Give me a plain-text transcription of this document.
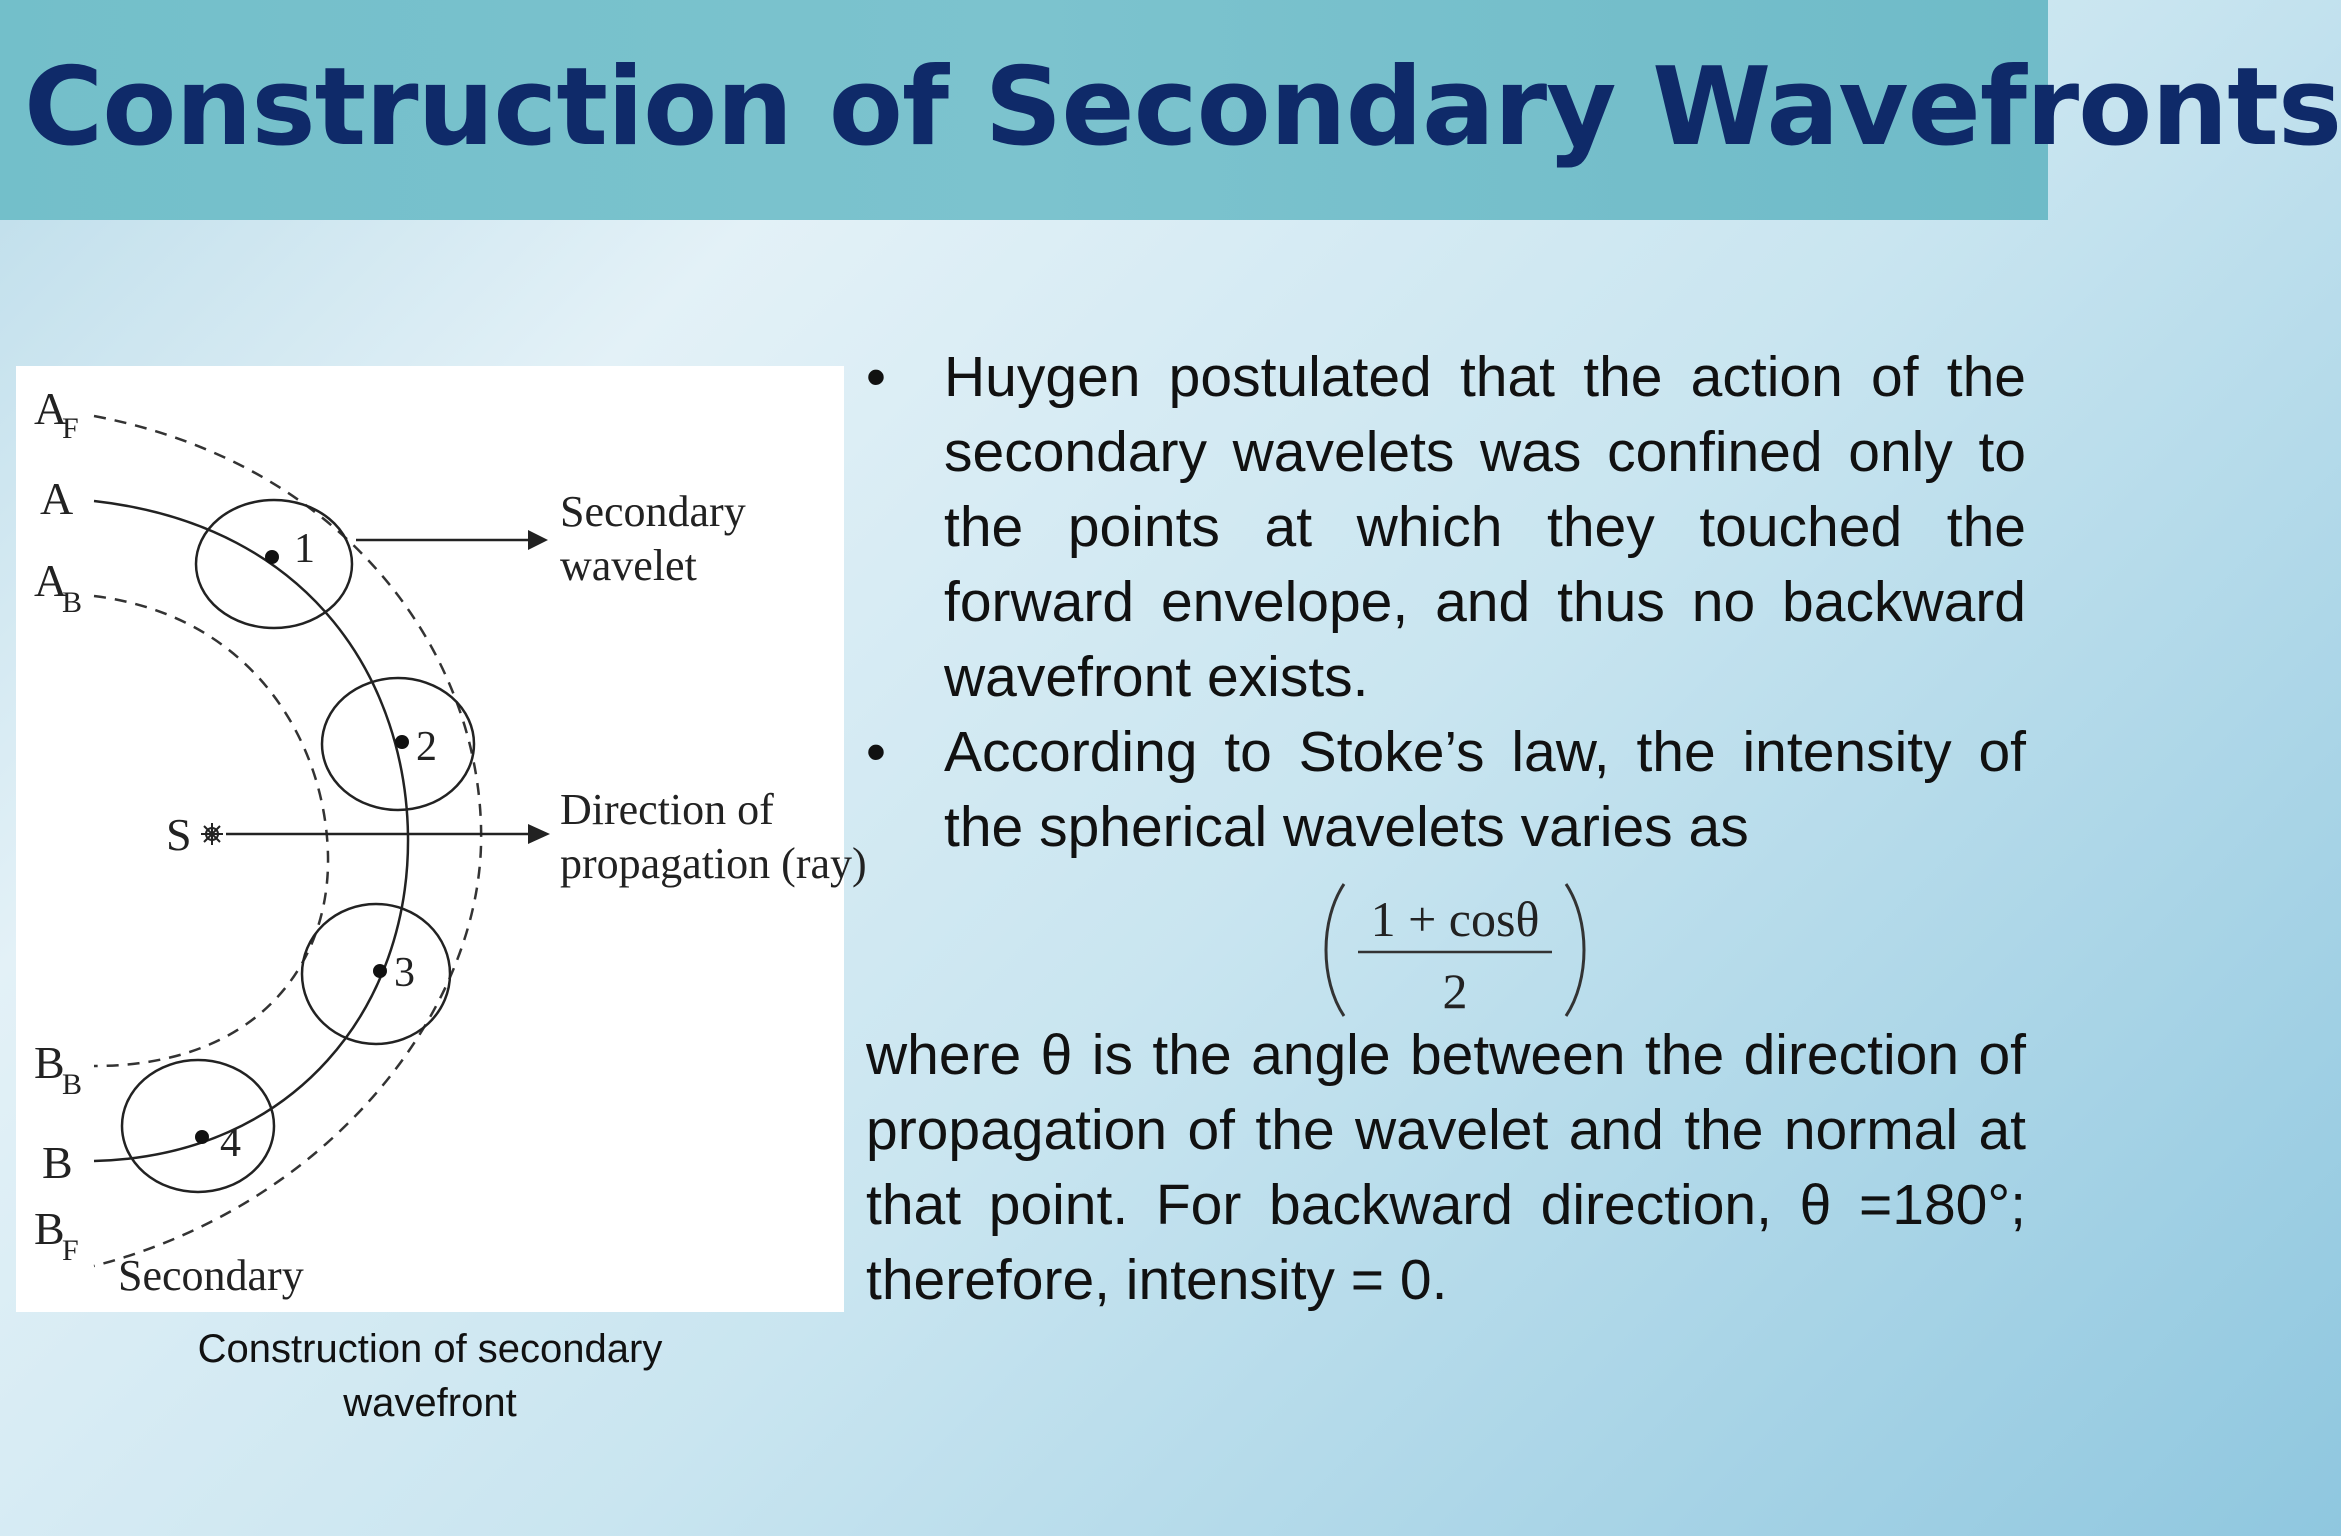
Construction of Secondary Wavefronts
A
F
A
A
B
S
B
B
B
B
F
Secondary
1
2
3
4
Secondary
wavelet
Direction of
propagation (ray)
Construction of secondary
wavefront
•	Huygen postulated that the action of the secondary wavelets was confined only to the points at which they touched the forward envelope, and thus no backward wavefront exists.
•	According to Stoke’s law, the intensity of the spherical wavelets varies as
1 + cosθ
2

where θ is the angle between the direction of propagation of the wavelet and the normal at that point. For backward direction, θ =180°; therefore, intensity = 0.
